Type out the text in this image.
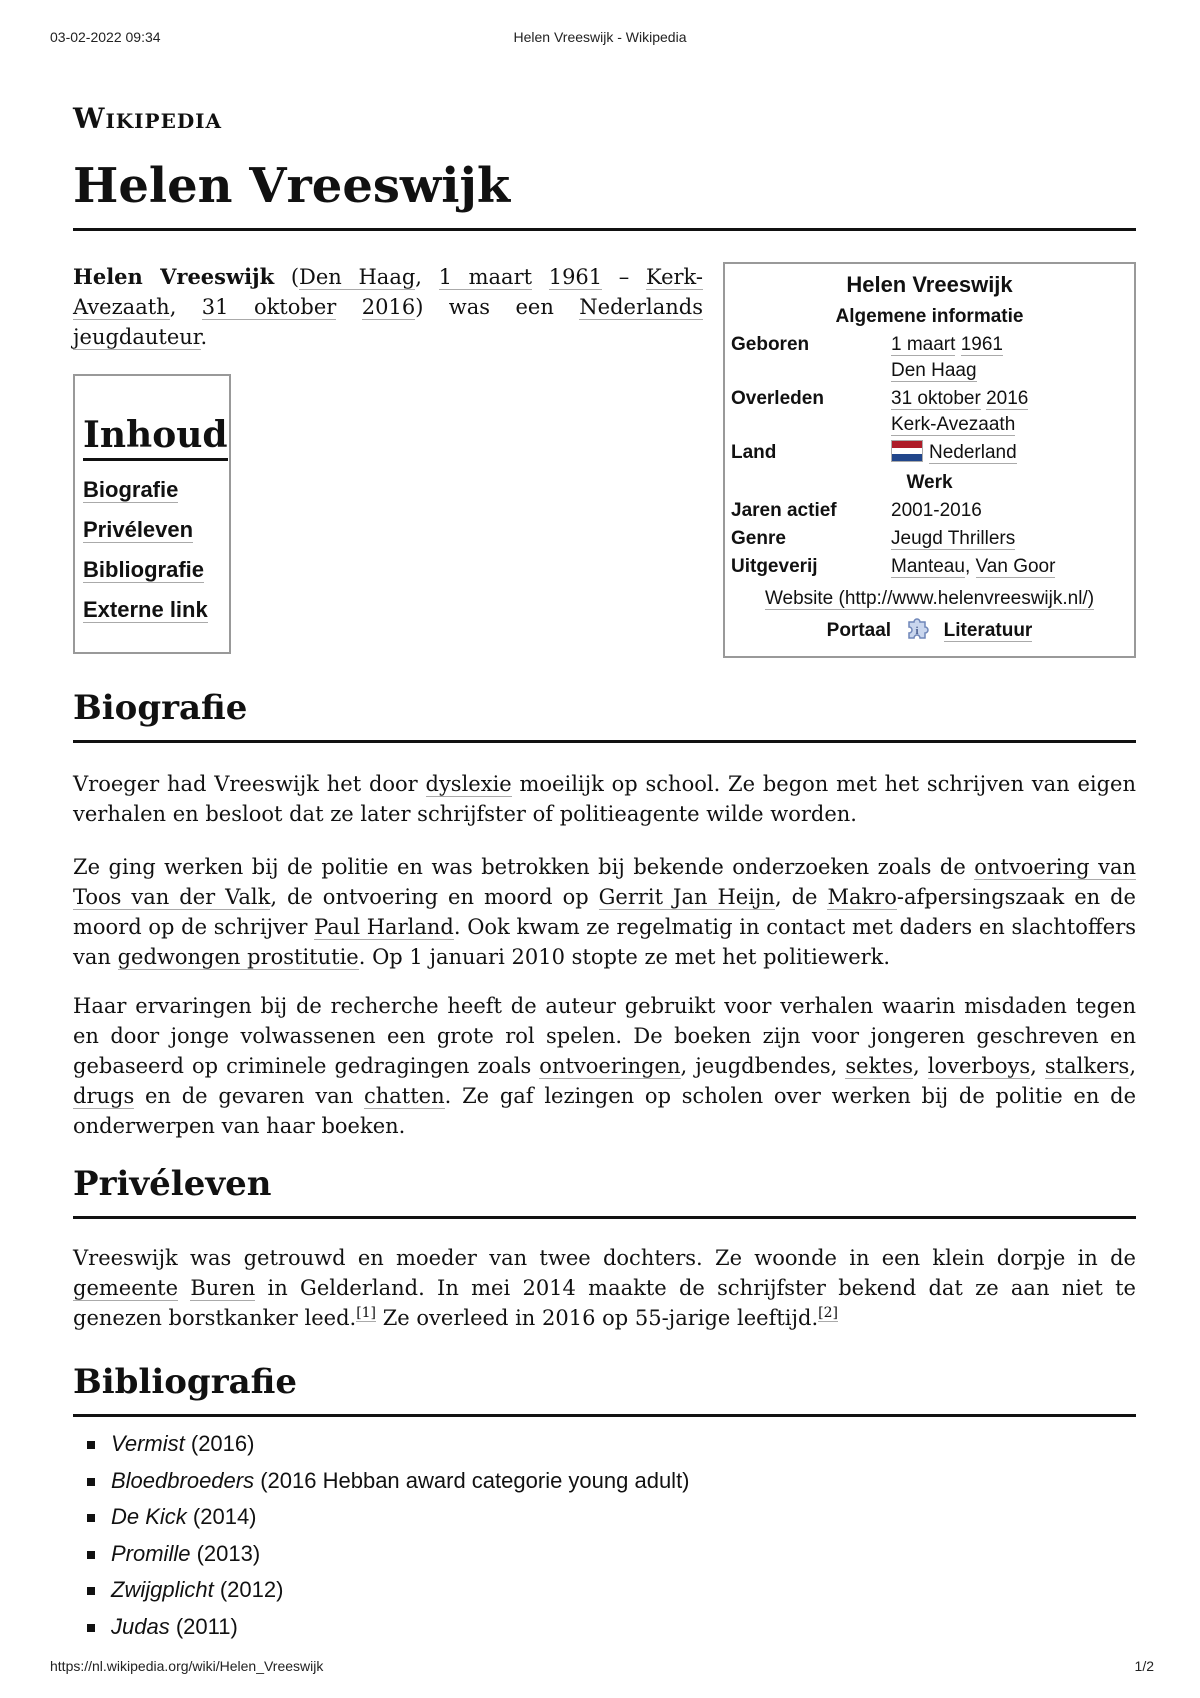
03-02-2022 09:34	Helen Vreeswijk - Wikipedia
https://nl.wikipedia.org/wiki/Helen_Vreeswijk	1/2
Wikipedia
Helen Vreeswijk

Helen Vreeswijk (Den Haag, 1 maart 1961 – Kerk-Avezaath, 31 oktober 2016) was een Nederlands jeugdauteur.

Inhoud
Biografie
Privéleven
Bibliografie
Externe link
Helen Vreeswijk
Algemene informatie
Geboren	1 maart 1961
Den Haag
Overleden	31 oktober 2016
Kerk-Avezaath
Land	Nederland
Werk
Jaren actief	2001-2016
Genre	Jeugd Thrillers
Uitgeverij	Manteau, Van Goor
Website (http://www.helenvreeswijk.nl/)
Portaal i Literatuur
Biografie

Vroeger had Vreeswijk het door dyslexie moeilijk op school. Ze begon met het schrijven van eigen verhalen en besloot dat ze later schrijfster of politieagente wilde worden.

Ze ging werken bij de politie en was betrokken bij bekende onderzoeken zoals de ontvoering van Toos van der Valk, de ontvoering en moord op Gerrit Jan Heijn, de Makro-afpersingszaak en de moord op de schrijver Paul Harland. Ook kwam ze regelmatig in contact met daders en slachtoffers van gedwongen prostitutie. Op 1 januari 2010 stopte ze met het politiewerk.

Haar ervaringen bij de recherche heeft de auteur gebruikt voor verhalen waarin misdaden tegen en door jonge volwassenen een grote rol spelen. De boeken zijn voor jongeren geschreven en gebaseerd op criminele gedragingen zoals ontvoeringen, jeugdbendes, sektes, loverboys, stalkers, drugs en de gevaren van chatten. Ze gaf lezingen op scholen over werken bij de politie en de onderwerpen van haar boeken.

Privéleven

Vreeswijk was getrouwd en moeder van twee dochters. Ze woonde in een klein dorpje in de gemeente Buren in Gelderland. In mei 2014 maakte de schrijfster bekend dat ze aan niet te genezen borstkanker leed.[1] Ze overleed in 2016 op 55-jarige leeftijd.[2]

Bibliografie
Vermist (2016)
Bloedbroeders (2016 Hebban award categorie young adult)
De Kick (2014)
Promille (2013)
Zwijgplicht (2012)
Judas (2011)
